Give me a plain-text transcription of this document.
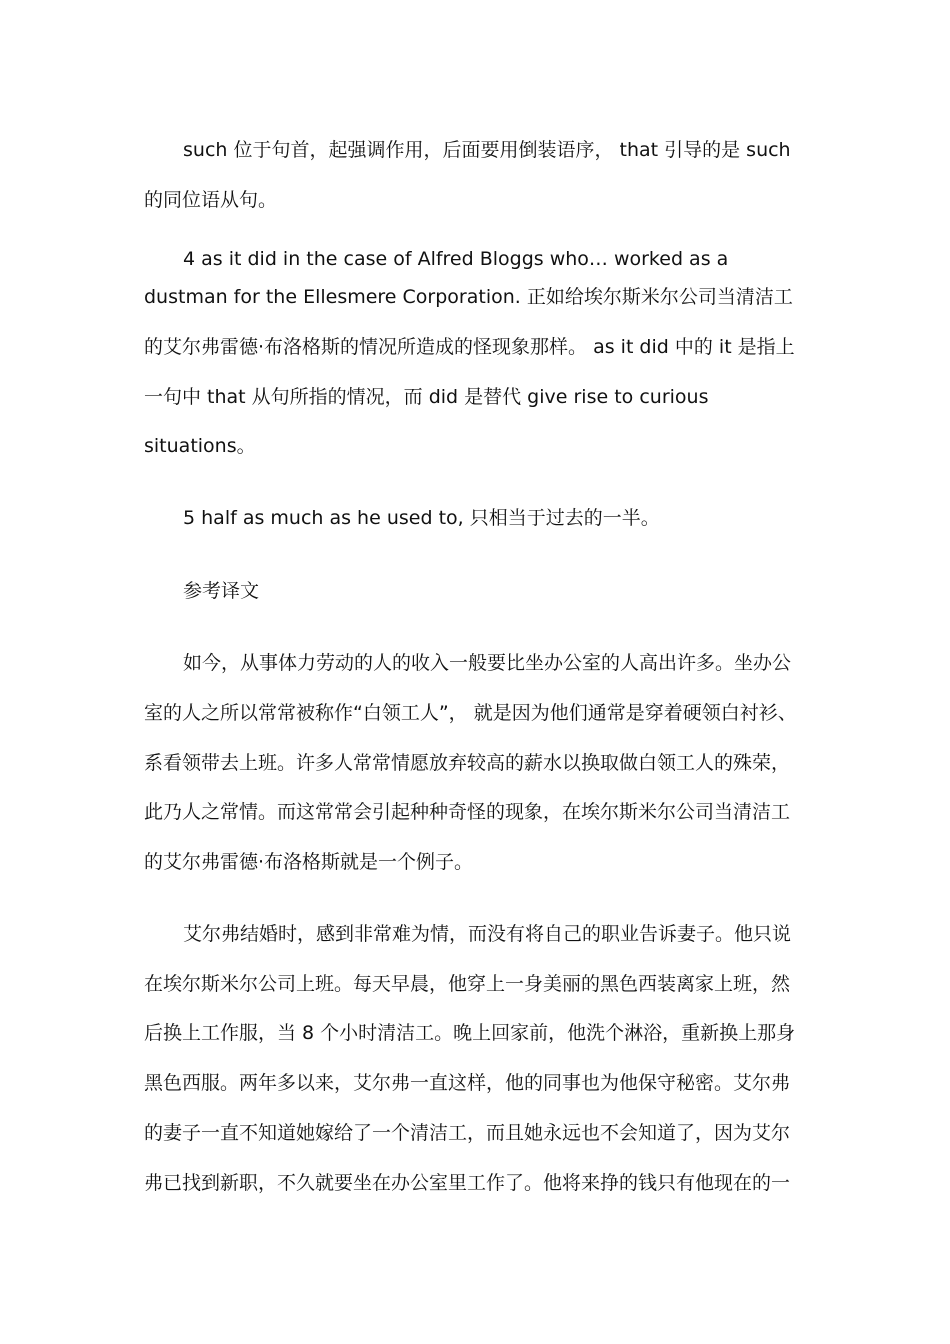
such 位于句首，起强调作用，后面要用倒装语序， that 引导的是 such
的同位语从句。
4 as it did in the case of Alfred Bloggs who… worked as a
dustman for the Ellesmere Corporation. 正如给埃尔斯米尔公司当清洁工
的艾尔弗雷德·布洛格斯的情况所造成的怪现象那样。 as it did 中的 it 是指上
一句中 that 从句所指的情况，而 did 是替代 give rise to curious
situations。
5 half as much as he used to, 只相当于过去的一半。
参考译文
如今，从事体力劳动的人的收入一般要比坐办公室的人高出许多。坐办公
室的人之所以常常被称作“白领工人”， 就是因为他们通常是穿着硬领白衬衫、
系看领带去上班。许多人常常情愿放弃较高的薪水以换取做白领工人的殊荣，
此乃人之常情。而这常常会引起种种奇怪的现象，在埃尔斯米尔公司当清洁工
的艾尔弗雷德·布洛格斯就是一个例子。
艾尔弗结婚时，感到非常难为情，而没有将自己的职业告诉妻子。他只说
在埃尔斯米尔公司上班。每天早晨，他穿上一身美丽的黑色西装离家上班，然
后换上工作服，当 8 个小时清洁工。晚上回家前，他洗个淋浴，重新换上那身
黑色西服。两年多以来，艾尔弗一直这样，他的同事也为他保守秘密。艾尔弗
的妻子一直不知道她嫁给了一个清洁工，而且她永远也不会知道了，因为艾尔
弗已找到新职，不久就要坐在办公室里工作了。他将来挣的钱只有他现在的一
